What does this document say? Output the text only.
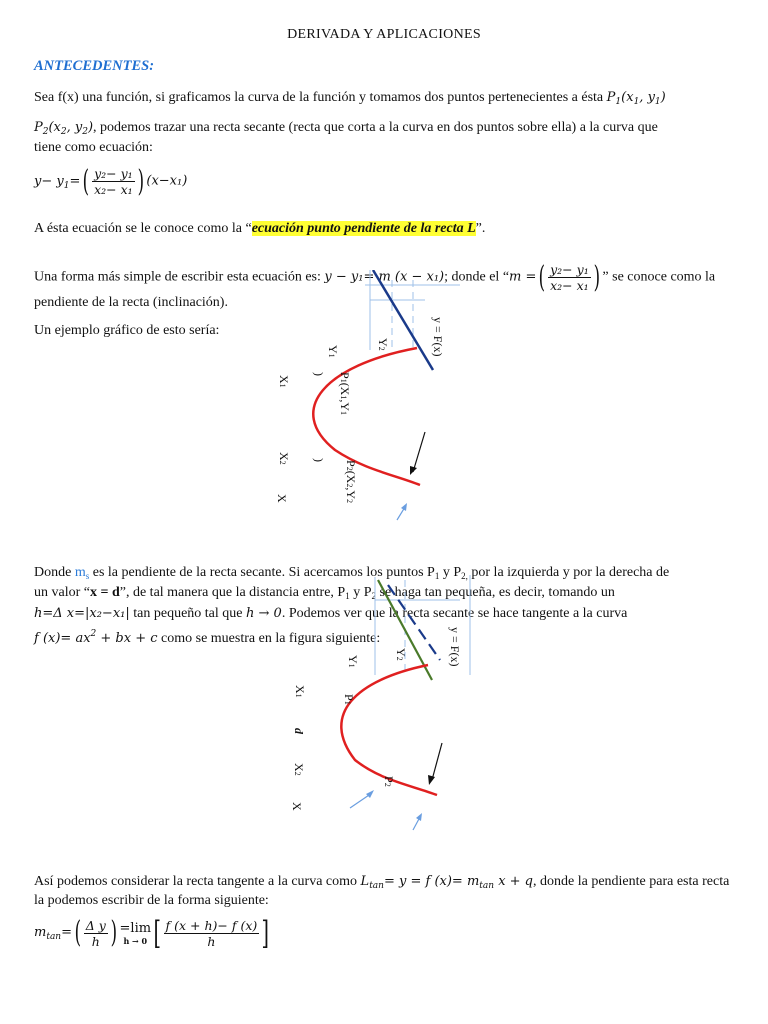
DERIVADA Y APLICACIONES
ANTECEDENTES:
Sea f(x) una función, si graficamos la curva de la función y tomamos dos puntos pertenecientes a ésta $P_1(x_1$, $y_1$)
$P_2(x_2$, $y_2$), podemos trazar una recta secante (recta que corta a la curva en dos puntos sobre ella) a la curva que
tiene como ecuación:
$y- y_1=( \frac{\text{y₂− y₁}}{\text{x₂− x₁}}$ ) (x−x₁)
A ésta ecuación se le conoce como la “ecuación punto pendiente de la recta L”.
Una forma más simple de escribir esta ecuación es: y − y₁= m (x − x₁); donde el “m =( $\frac{\text{y₂− y₁}}{\text{x₂− x₁}}$ ) ” se conoce como la
pendiente de la recta (inclinación).
Un ejemplo gráfico de esto sería:	y = F(x)
Y1
Y2
X1
) P1(X1,Y1
X2
) P2(X2,Y2
X
Donde $m_s$ es la pendiente de la recta secante. Si acercamos los puntos $P_1$ y $P_{2,}$ por la izquierda y por la derecha de
un valor “x = d”, de tal manera que la distancia entre, $P_1$ y $P_2$ se haga tan pequeña, es decir, tomando un
h=Δ x=|x₂−x₁| tan pequeño tal que h → 0. Podemos ver que la recta secante se hace tangente a la curva
f $(x)= ax^2$ + bx + c como se muestra en la figura siguiente:	y = F(x)
Y1
Y2
X1	P1
d
X2
P2
X
Así podemos considerar la recta tangente a la curva como $L_{tan}= y = f$ $(x)= m_{tan}$ x + q, donde la pendiente para esta recta
la podemos escribir de la forma siguiente:
$m_{tan}=( \frac{\text{Δ y}}{h}$ ) =lim
h → 0 [ $\frac{f (x + h)- f (x)}{h}$ ]
